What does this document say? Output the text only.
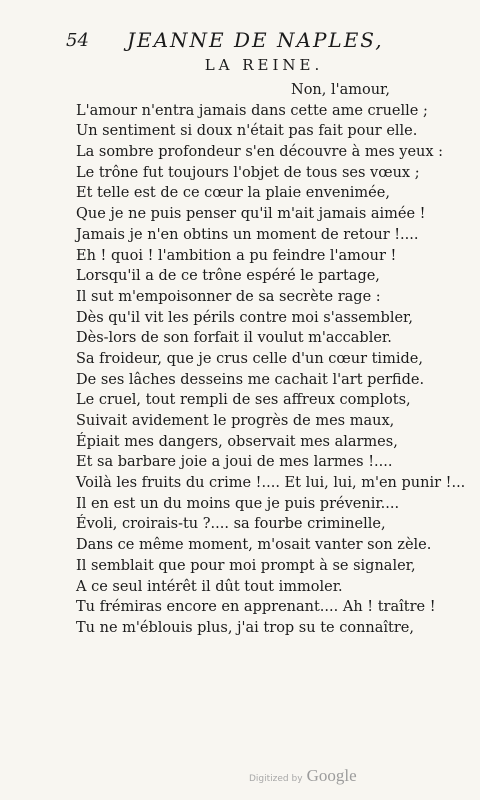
54 JEANNE DE NAPLES,
LA REINE.
Non, l'amour,
L'amour n'entra jamais dans cette ame cruelle ;
Un sentiment si doux n'était pas fait pour elle.
La sombre profondeur s'en découvre à mes yeux :
Le trône fut toujours l'objet de tous ses vœux ;
Et telle est de ce cœur la plaie envenimée,
Que je ne puis penser qu'il m'ait jamais aimée !
Jamais je n'en obtins un moment de retour !....
Eh ! quoi ! l'ambition a pu feindre l'amour !
Lorsqu'il a de ce trône espéré le partage,
Il sut m'empoisonner de sa secrète rage :
Dès qu'il vit les périls contre moi s'assembler,
Dès-lors de son forfait il voulut m'accabler.
Sa froideur, que je crus celle d'un cœur timide,
De ses lâches desseins me cachait l'art perfide.
Le cruel, tout rempli de ses affreux complots,
Suivait avidement le progrès de mes maux,
Épiait mes dangers, observait mes alarmes,
Et sa barbare joie a joui de mes larmes !....
Voilà les fruits du crime !.... Et lui, lui, m'en punir !...
Il en est un du moins que je puis prévenir....
Évoli, croirais-tu ?.... sa fourbe criminelle,
Dans ce même moment, m'osait vanter son zèle.
Il semblait que pour moi prompt à se signaler,
A ce seul intérêt il dût tout immoler.
Tu frémiras encore en apprenant.... Ah ! traître !
Tu ne m'éblouis plus, j'ai trop su te connaître,
Digitized by Google
